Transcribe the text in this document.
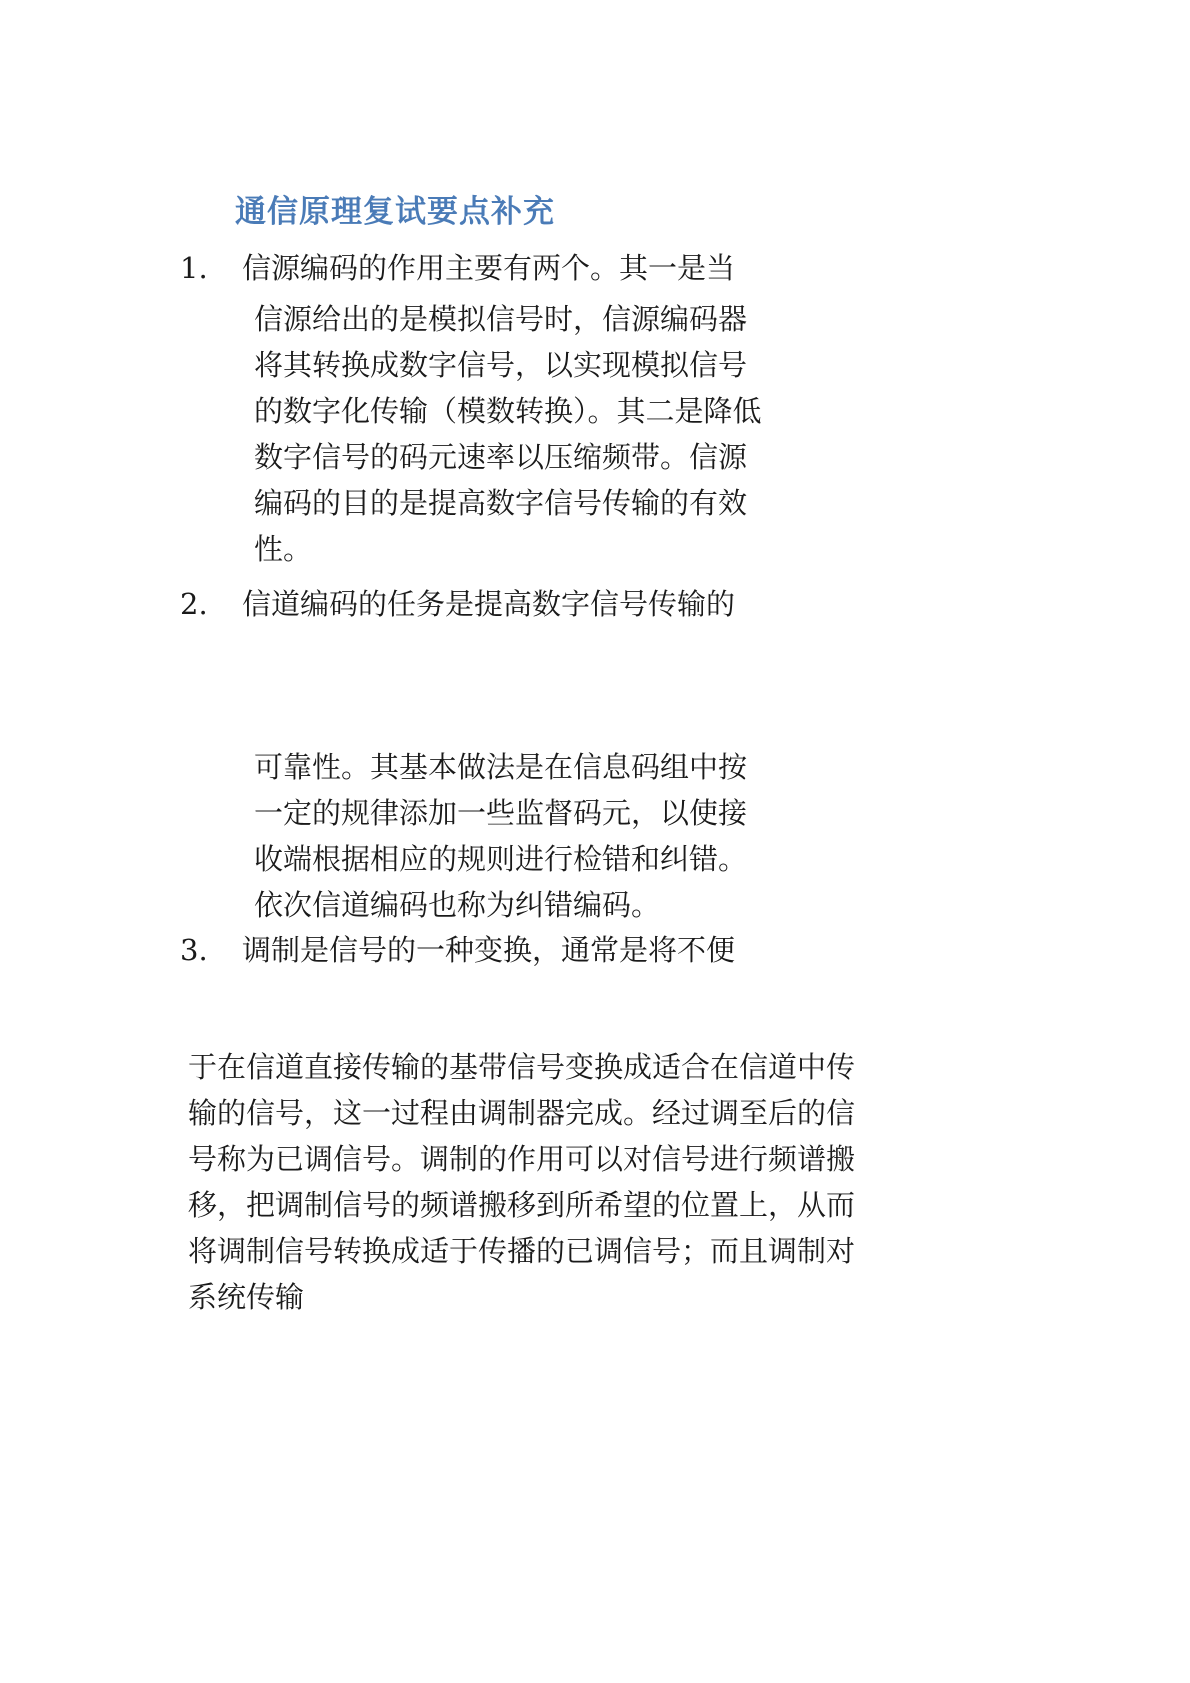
通信原理复试要点补充
1. 信源编码的作用主要有两个。其一是当
信源给出的是模拟信号时，信源编码器
将其转换成数字信号，以实现模拟信号
的数字化传输（模数转换）。其二是降低
数字信号的码元速率以压缩频带。信源
编码的目的是提高数字信号传输的有效
性。
2. 信道编码的任务是提高数字信号传输的
可靠性。其基本做法是在信息码组中按
一定的规律添加一些监督码元，以使接
收端根据相应的规则进行检错和纠错。
依次信道编码也称为纠错编码。
3. 调制是信号的一种变换，通常是将不便
于在信道直接传输的基带信号变换成适合在信道中传
输的信号，这一过程由调制器完成。经过调至后的信
号称为已调信号。调制的作用可以对信号进行频谱搬
移，把调制信号的频谱搬移到所希望的位置上，从而
将调制信号转换成适于传播的已调信号；而且调制对
系统传输
